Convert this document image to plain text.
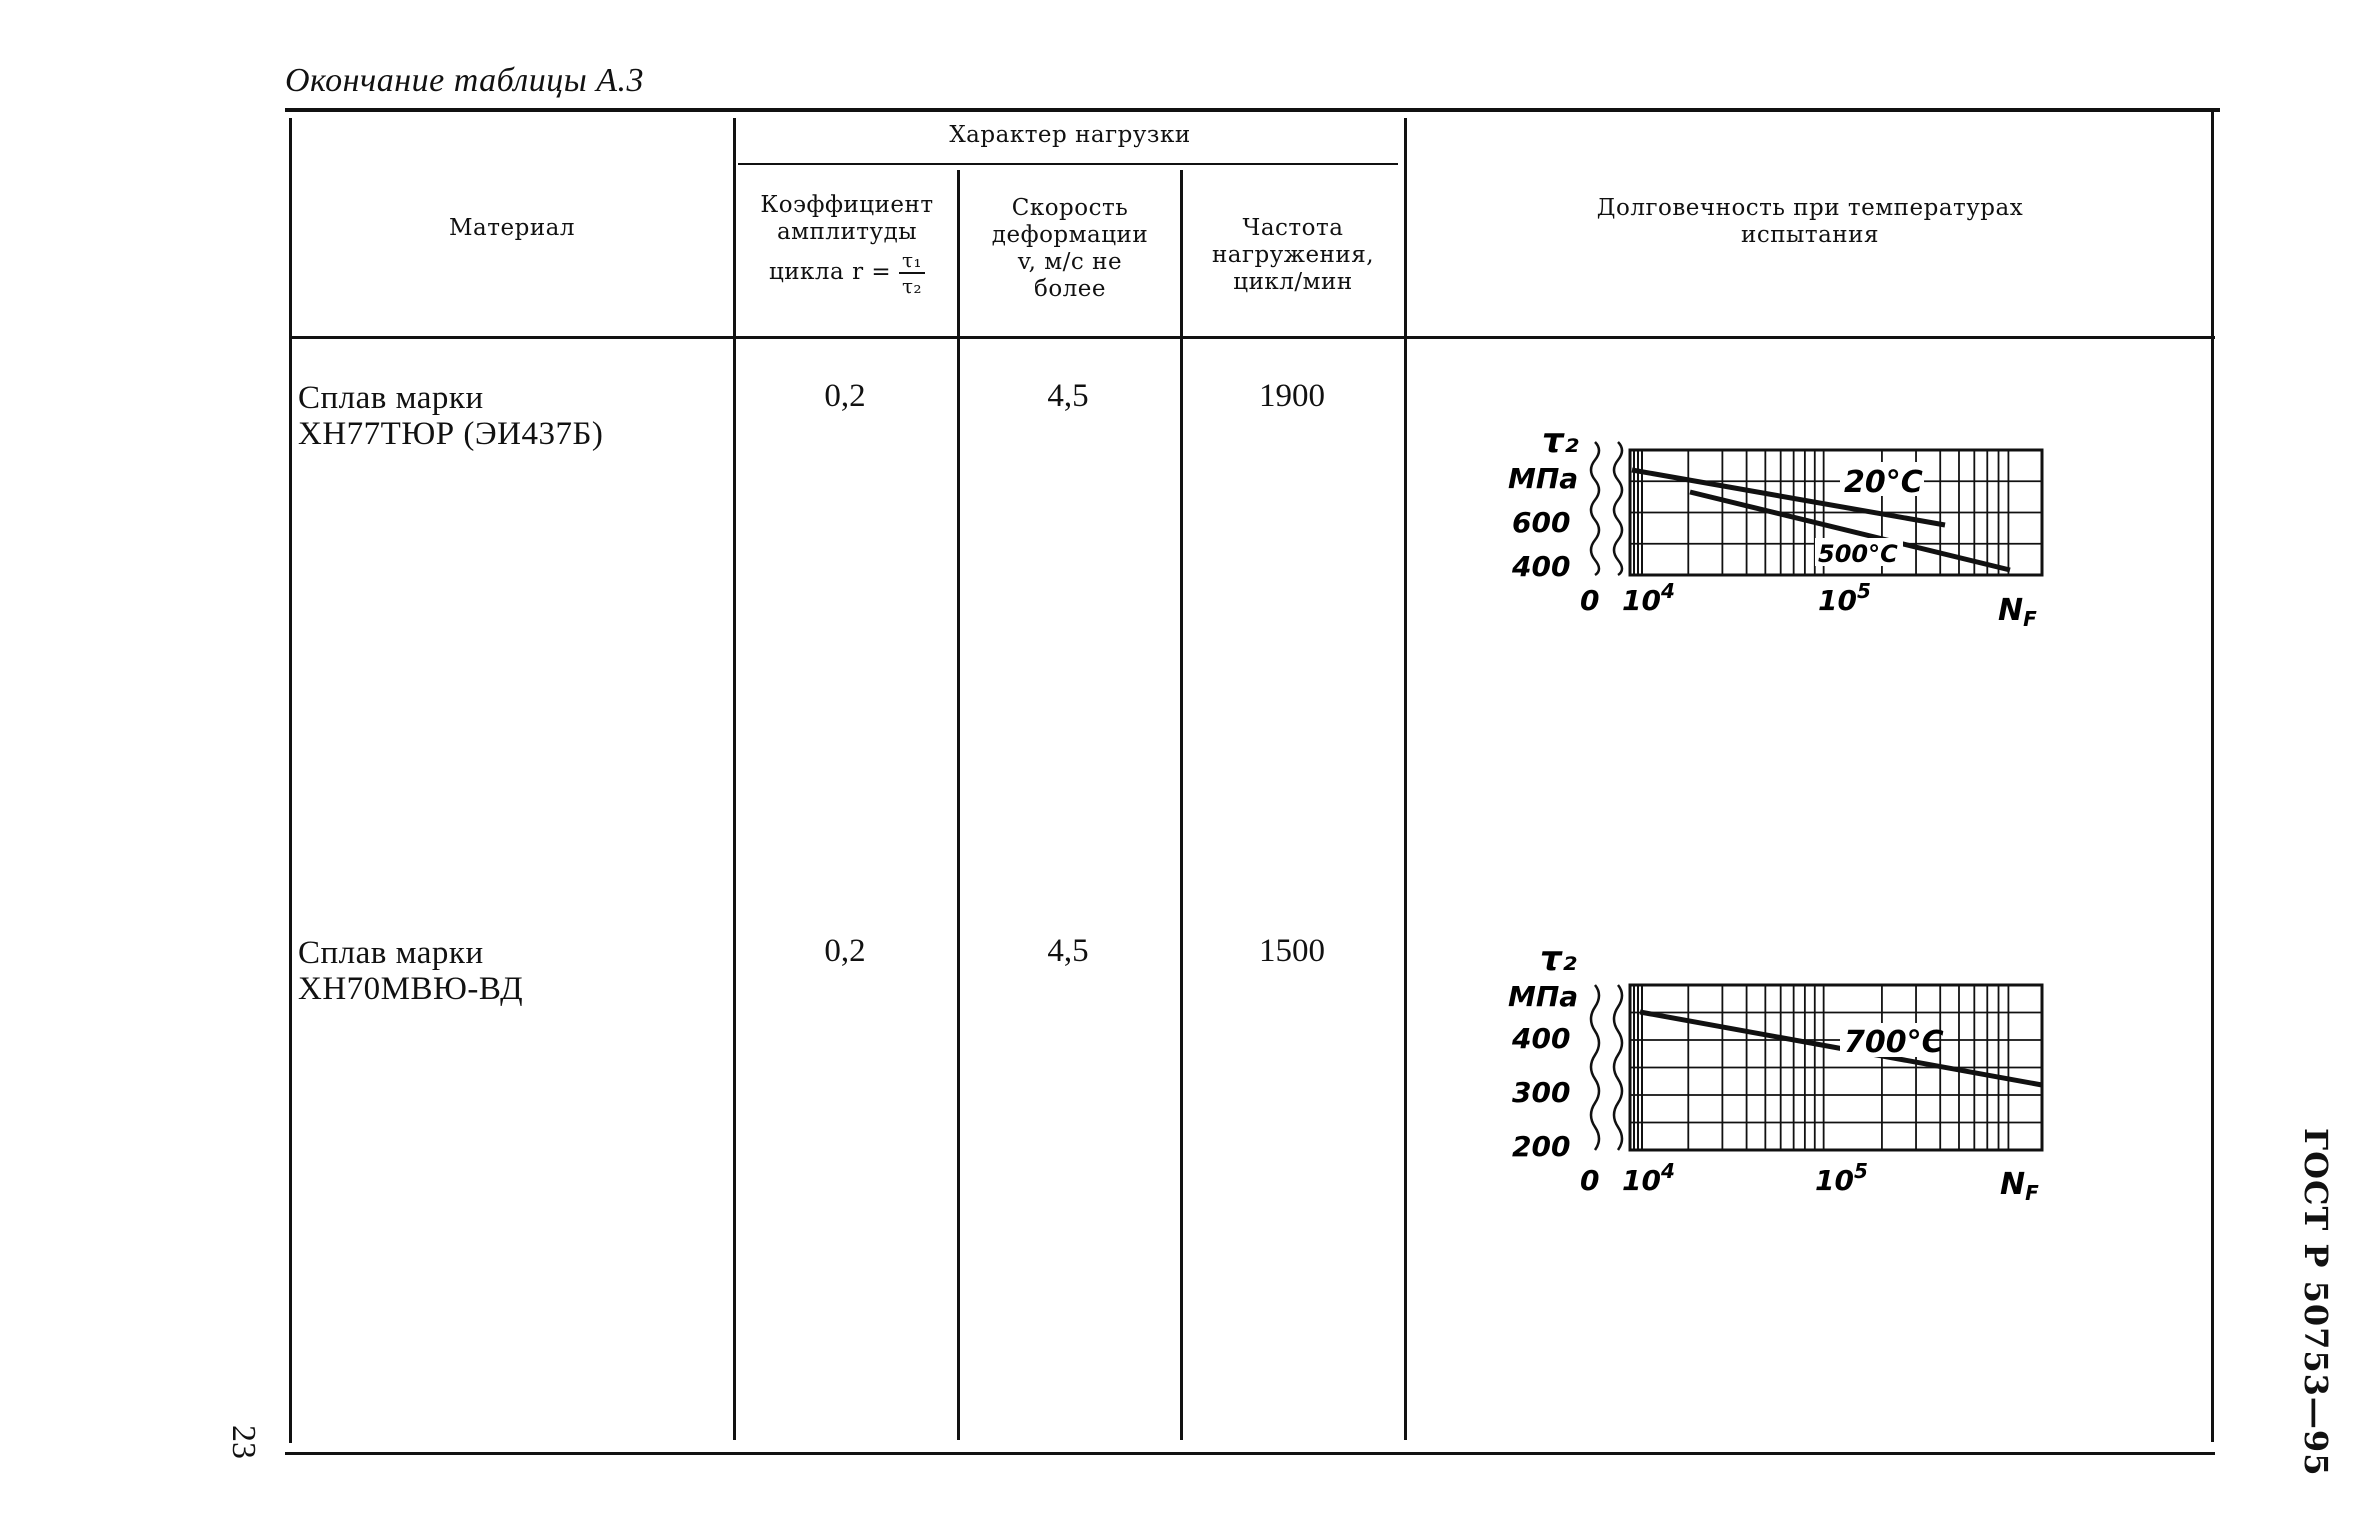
Окончание таблицы А.3
Материал
Характер нагрузки
Коэффициент
амплитуды
цикла $r = \frac{\text{τ₁}}{\text{τ₂}}$
Скорость деформации v, м/с не более
Частота нагружения, цикл/мин
Долговечность при температурах испытания
Сплав марки
ХН77ТЮР (ЭИ437Б)
0,2	4,5	1900
Сплав марки
ХН70МВЮ-ВД
0,2	4,5	1500
τ₂
МПа
600
400
0 $10^4$	$10^5$
$N_F$
20°С
500°С
τ₂
МПа
400
300
200
0 $10^4$	$10^5$	$N_F$
700°С
23	ГОСТ Р 50753—95
